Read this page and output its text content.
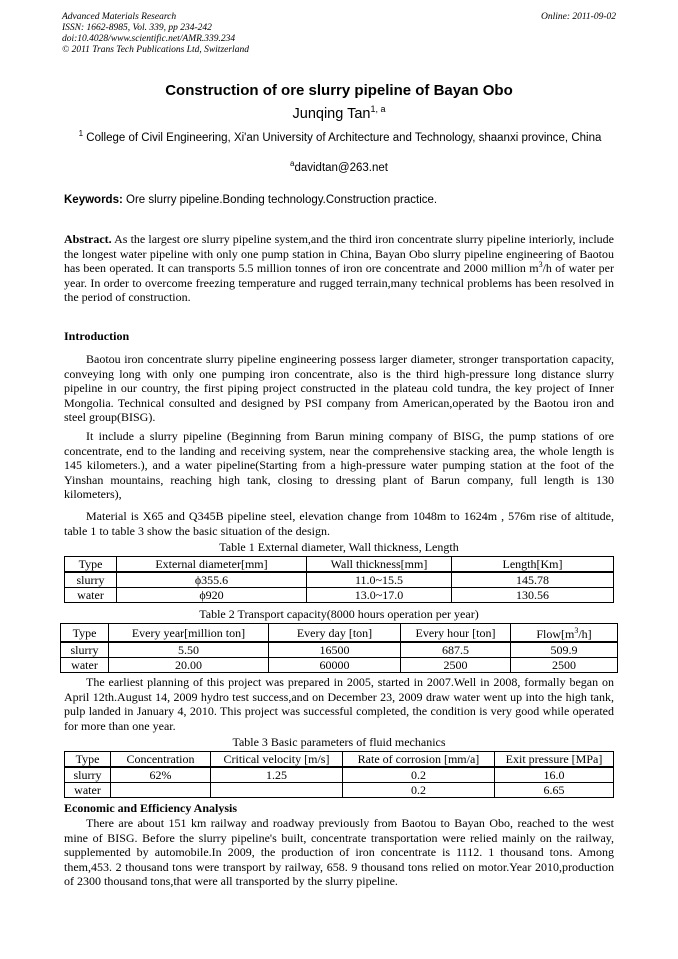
Advanced Materials Research
ISSN: 1662-8985, Vol. 339, pp 234-242
doi:10.4028/www.scientific.net/AMR.339.234
© 2011 Trans Tech Publications Ltd, Switzerland
Online: 2011-09-02
Construction of ore slurry pipeline of Bayan Obo
Junqing Tan$^{1, a}$
$^1$ College of Civil Engineering, Xi'an University of Architecture and Technology, shaanxi province, China
$^a$davidtan@263.net
Keywords: Ore slurry pipeline.Bonding technology.Construction practice.
Abstract. As the largest ore slurry pipeline system,and the third iron concentrate slurry pipeline interiorly, include the longest water pipeline with only one pump station in China, Bayan Obo slurry pipeline engineering of Baotou has been operated. It can transports 5.5 million tonnes of iron ore concentrate and 2000 million $m^3/h$ of water per year. In order to overcome freezing temperature and rugged terrain,many technical problems has been resolved in the period of construction.
Introduction
Baotou iron concentrate slurry pipeline engineering possess larger diameter, stronger transportation capacity, conveying long with only one pumping iron concentrate, also is the third high-pressure long distance slurry pipeline in our country, the first piping project constructed in the plateau cold tundra, the key project of Inner Mongolia. Technical consulted and designed by PSI company from American,operated by the Baotou iron and steel group(BISG).
It include a slurry pipeline (Beginning from Barun mining company of BISG, the pump stations of ore concentrate, end to the landing and receiving system, near the comprehensive stacking area, the whole length is 145 kilometers.), and a water pipeline(Starting from a high-pressure water pumping station at the foot of the Yinshan mountains, reaching high tank, closing to dressing plant of Barun company, full length is 130 kilometers),
Material is X65 and Q345B pipeline steel, elevation change from 1048m to 1624m , 576m rise of altitude, table 1 to table 3 show the basic situation of the design.
Table 1 External diameter, Wall thickness, Length
Type	External diameter[mm]	Wall thickness[mm]	Length[Km]
slurry	ϕ355.6	11.0~15.5	145.78
water	ϕ920	13.0~17.0	130.56
Table 2 Transport capacity(8000 hours operation per year)
Type	Every year[million ton]	Every day [ton]	Every hour [ton]	$Flow[m^3/h]$
slurry	5.50	16500	687.5	509.9
water	20.00	60000	2500	2500
The earliest planning of this project was prepared in 2005, started in 2007.Well in 2008, formally began on April 12th.August 14, 2009 hydro test success,and on December 23, 2009 draw water went up into the high tank, pulp landed in January 4, 2010. This project was successful completed, the condition is very good while operated for more than one year.
Table 3 Basic parameters of fluid mechanics
Type	Concentration	Critical velocity [m/s]	Rate of corrosion [mm/a]	Exit pressure [MPa]
slurry	62%	1.25	0.2	16.0
water			0.2	6.65
Economic and Efficiency Analysis
There are about 151 km railway and roadway previously from Baotou to Bayan Obo, reached to the west mine of BISG. Before the slurry pipeline's built, concentrate transportation were relied mainly on the railway, supplemented by automobile.In 2009, the production of iron concentrate is 1112. 1 thousand tons. Among them,453. 2 thousand tons were transport by railway, 658. 9 thousand tons relied on motor.Year 2010,production of 2300 thousand tons,that were all transported by the slurry pipeline.
